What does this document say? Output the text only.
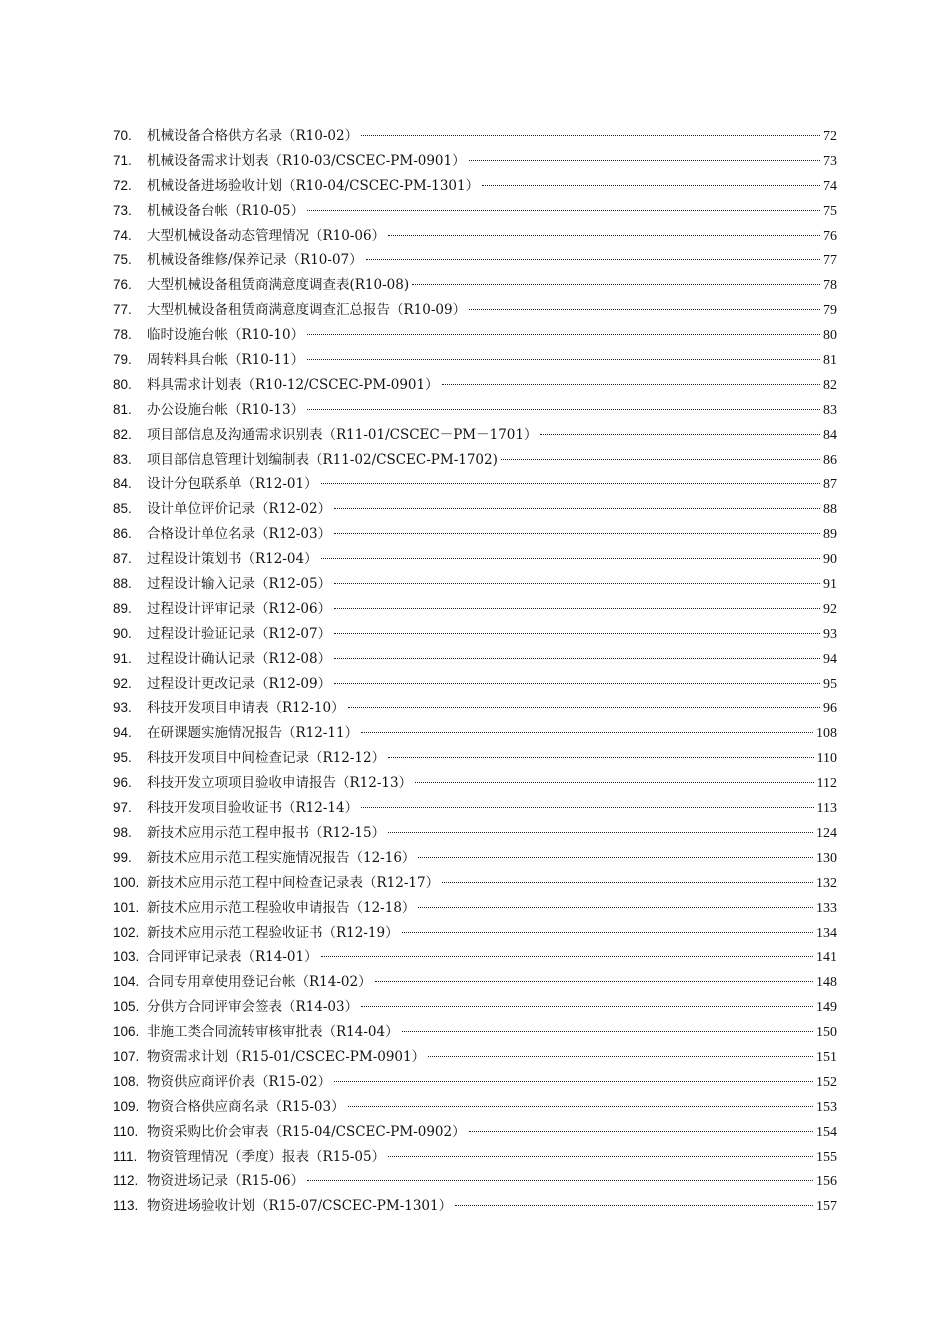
70.	机械设备合格供方名录（R10-02）	72
71.	机械设备需求计划表（R10-03/CSCEC-PM-0901）	73
72.	机械设备进场验收计划（R10-04/CSCEC-PM-1301）	74
73.	机械设备台帐（R10-05）	75
74.	大型机械设备动态管理情况（R10-06）	76
75.	机械设备维修/保养记录（R10-07）	77
76.	大型机械设备租赁商满意度调查表(R10-08)	78
77.	大型机械设备租赁商满意度调查汇总报告（R10-09）	79
78.	临时设施台帐（R10-10）	80
79.	周转料具台帐（R10-11）	81
80.	料具需求计划表（R10-12/CSCEC-PM-0901）	82
81.	办公设施台帐（R10-13）	83
82.	项目部信息及沟通需求识别表（R11-01/CSCEC－PM－1701）	84
83.	项目部信息管理计划编制表（R11-02/CSCEC-PM-1702)	86
84.	设计分包联系单（R12-01）	87
85.	设计单位评价记录（R12-02）	88
86.	合格设计单位名录（R12-03）	89
87.	过程设计策划书（R12-04）	90
88.	过程设计输入记录（R12-05）	91
89.	过程设计评审记录（R12-06）	92
90.	过程设计验证记录（R12-07）	93
91.	过程设计确认记录（R12-08）	94
92.	过程设计更改记录（R12-09）	95
93.	科技开发项目申请表（R12-10）	96
94.	在研课题实施情况报告（R12-11）	108
95.	科技开发项目中间检查记录（R12-12）	110
96.	科技开发立项项目验收申请报告（R12-13）	112
97.	科技开发项目验收证书（R12-14）	113
98.	新技术应用示范工程申报书（R12-15）	124
99.	新技术应用示范工程实施情况报告（12-16）	130
100. 新技术应用示范工程中间检查记录表（R12-17）	132
101. 新技术应用示范工程验收申请报告（12-18）	133
102. 新技术应用示范工程验收证书（R12-19）	134
103. 合同评审记录表（R14-01）	141
104. 合同专用章使用登记台帐（R14-02）	148
105. 分供方合同评审会签表（R14-03）	149
106. 非施工类合同流转审核审批表（R14-04）	150
107. 物资需求计划（R15-01/CSCEC-PM-0901）	151
108. 物资供应商评价表（R15-02）	152
109. 物资合格供应商名录（R15-03）	153
110. 物资采购比价会审表（R15-04/CSCEC-PM-0902）	154
111. 物资管理情况（季度）报表（R15-05）	155
112. 物资进场记录（R15-06）	156
113. 物资进场验收计划（R15-07/CSCEC-PM-1301）	157
